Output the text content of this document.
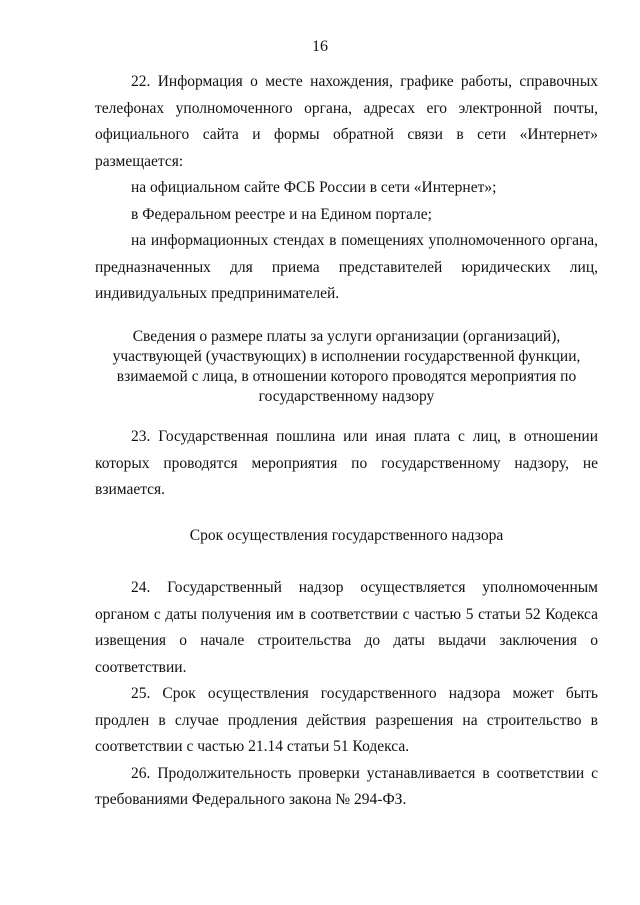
16

22. Информация о месте нахождения, графике работы, справочных телефонах уполномоченного органа, адресах его электронной почты, официального сайта и формы обратной связи в сети «Интернет» размещается:

на официальном сайте ФСБ России в сети «Интернет»;

в Федеральном реестре и на Едином портале;

на информационных стендах в помещениях уполномоченного органа, предназначенных для приема представителей юридических лиц, индивидуальных предпринимателей.

Сведения о размере платы за услуги организации (организаций), участвующей (участвующих) в исполнении государственной функции, взимаемой с лица, в отношении которого проводятся мероприятия по государственному надзору

23. Государственная пошлина или иная плата с лиц, в отношении которых проводятся мероприятия по государственному надзору, не взимается.

Срок осуществления государственного надзора

24. Государственный надзор осуществляется уполномоченным органом с даты получения им в соответствии с частью 5 статьи 52 Кодекса извещения о начале строительства до даты выдачи заключения о соответствии.

25. Срок осуществления государственного надзора может быть продлен в случае продления действия разрешения на строительство в соответствии с частью 21.14 статьи 51 Кодекса.

26. Продолжительность проверки устанавливается в соответствии с требованиями Федерального закона № 294-ФЗ.
